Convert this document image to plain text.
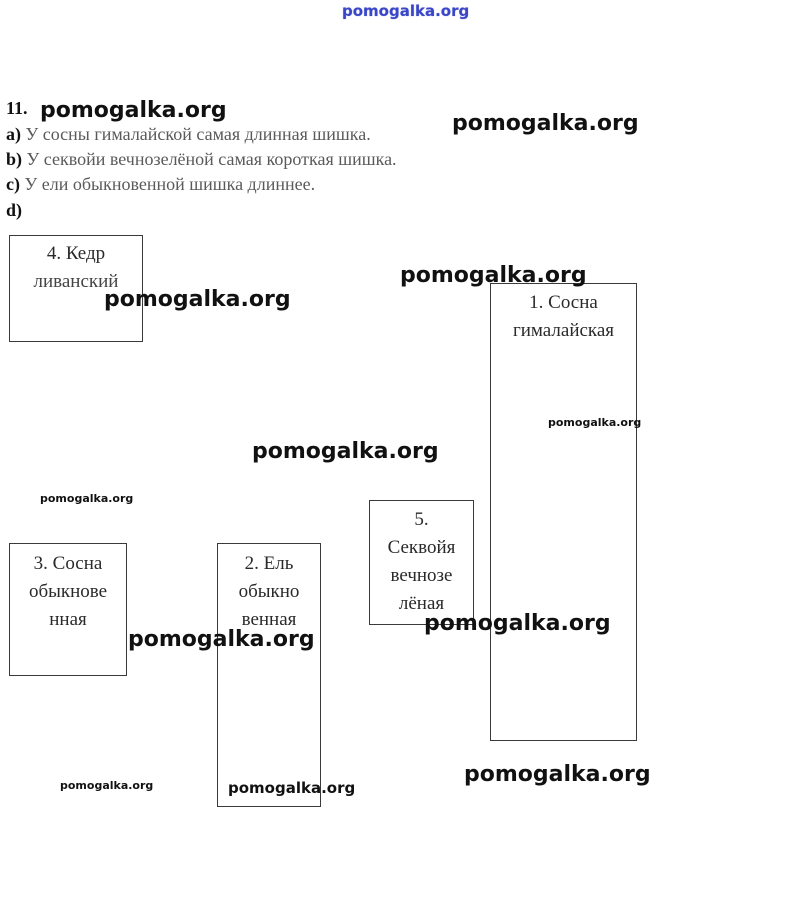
pomogalka.org
11.
a) У сосны гималайской самая длинная шишка.
b) У секвойи вечнозелёной самая короткая шишка.
c) У ели обыкновенной шишка длиннее.
d)
4. Кедр
ливанский
1. Сосна
гималайская
5.
Секвойя
вечнозе
лёная
3. Сосна
обыкнове
нная
2. Ель
обыкно
венная
pomogalka.org
pomogalka.org
pomogalka.org
pomogalka.org
pomogalka.org
pomogalka.org
pomogalka.org
pomogalka.org
pomogalka.org
pomogalka.org
pomogalka.org	pomogalka.org
